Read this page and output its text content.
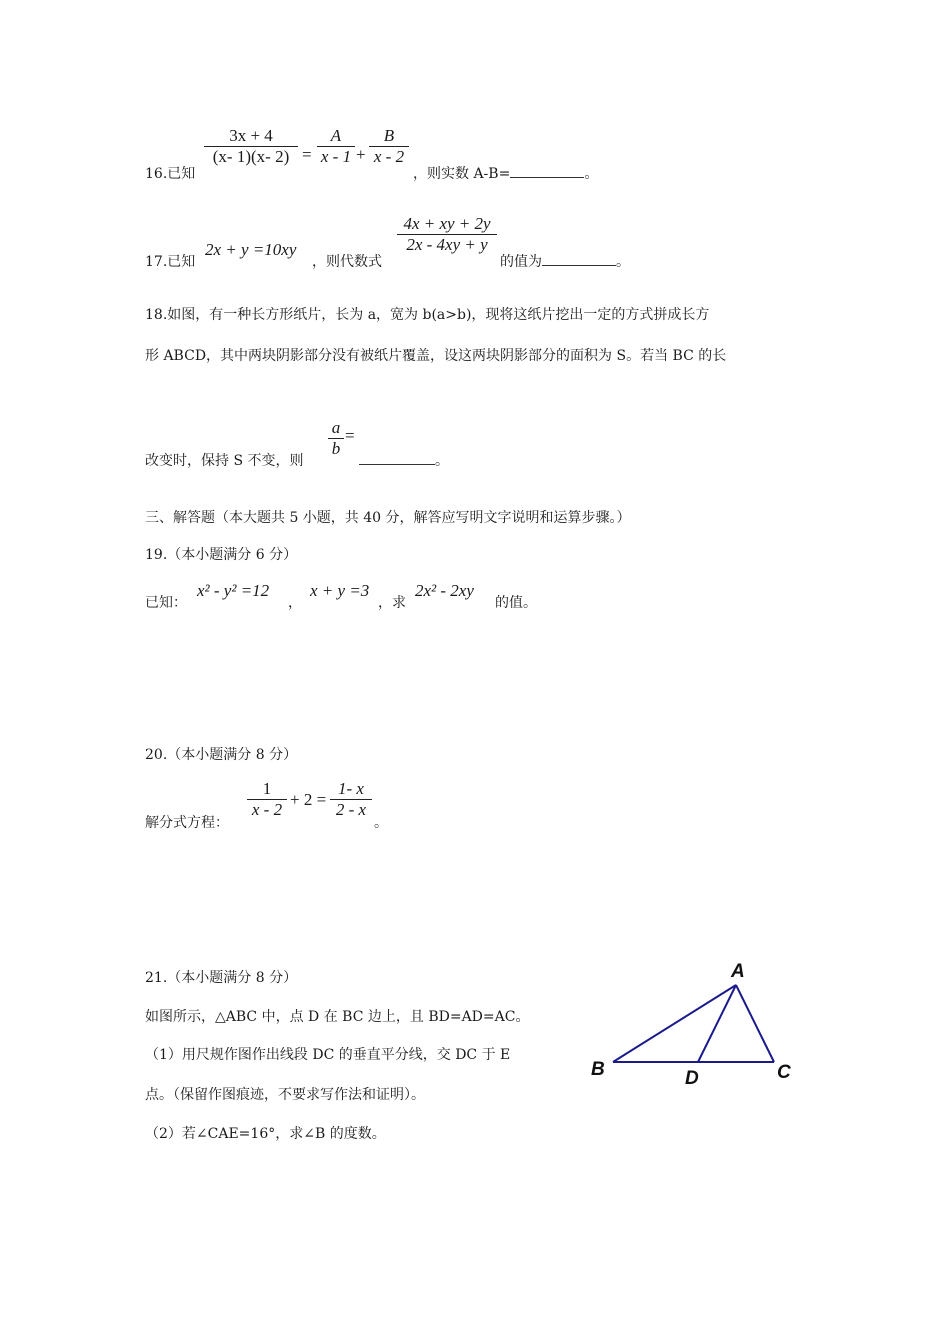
16.已知
3x + 4
(x- 1)(x- 2) =
A
x - 1 +
B
x - 2
，则实数 A-B=	。
17.已知
2x + y =10xy
，则代数式
4x + xy + 2y
2x - 4xy + y
的值为	。
18.如图，有一种长方形纸片，长为 a，宽为 b(a>b)，现将这纸片挖出一定的方式拼成长方
形 ABCD，其中两块阴影部分没有被纸片覆盖，设这两块阴影部分的面积为 S。若当 BC 的长
改变时，保持 S 不变，则
a
b
=
。
三、解答题（本大题共 5 小题，共 40 分，解答应写明文字说明和运算步骤。）
19.（本小题满分 6 分）
已知：
x² - y² =12
，
x + y =3
，求
2x² - 2xy
的值。
20.（本小题满分 8 分）
解分式方程：
1
x - 2
+ 2 =
1- x
2 - x
。
21.（本小题满分 8 分）
如图所示，△ABC 中，点 D 在 BC 边上，且 BD=AD=AC。
（1）用尺规作图作出线段 DC 的垂直平分线，交 DC 于 E
点。（保留作图痕迹，不要求写作法和证明）。
（2）若∠CAE=16°，求∠B 的度数。
A
B	C
D
